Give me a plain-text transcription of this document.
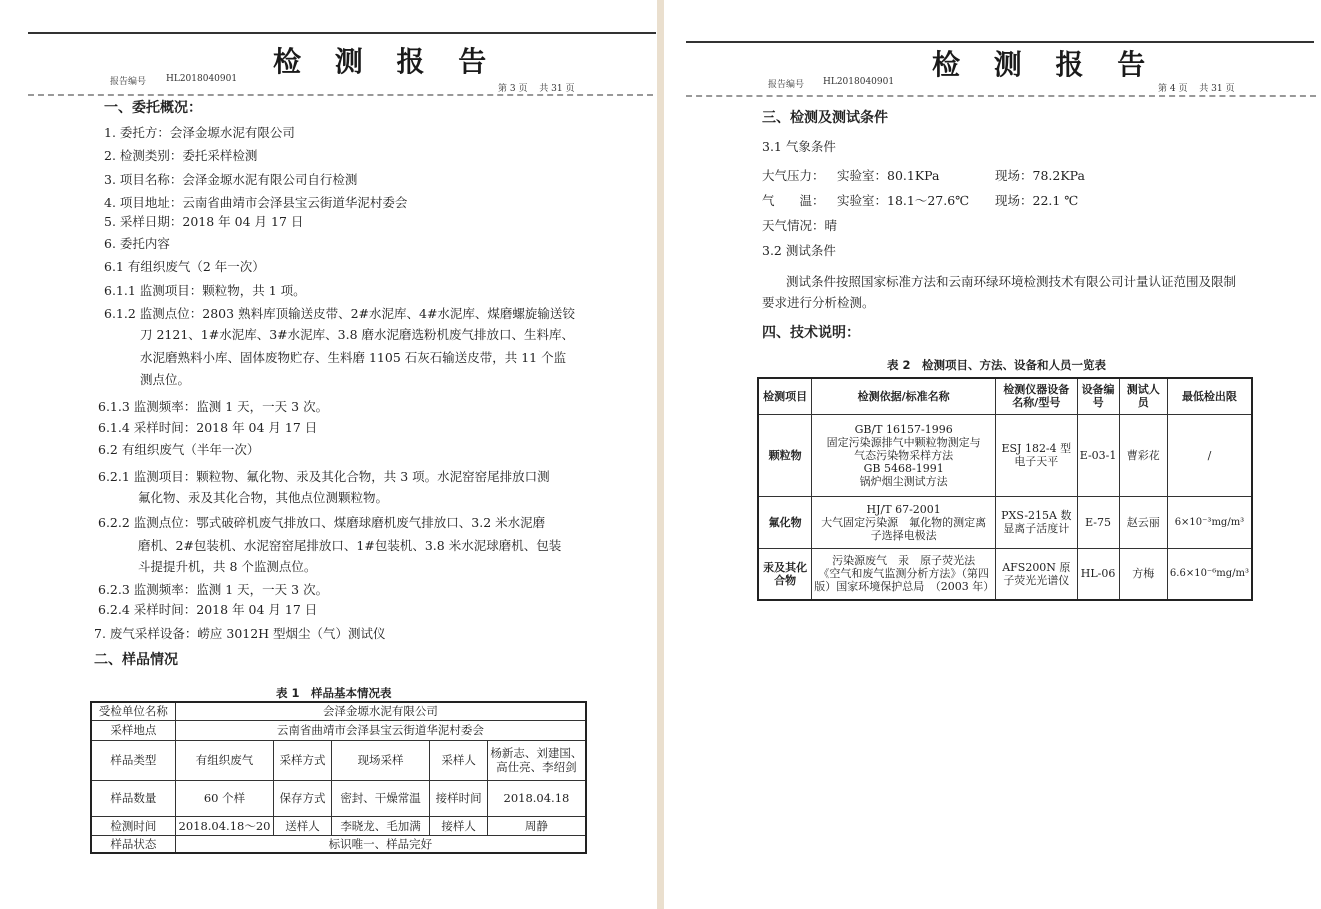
检 测 报 告
报告编号 HL2018040901
第 3 页　 共 31 页
一、委托概况：
1. 委托方：会泽金塬水泥有限公司
2. 检测类别：委托采样检测
3. 项目名称：会泽金塬水泥有限公司自行检测
4. 项目地址：云南省曲靖市会泽县宝云街道华泥村委会
5. 采样日期：2018 年 04 月 17 日
6. 委托内容
6.1 有组织废气（2 年一次）
6.1.1 监测项目：颗粒物，共 1 项。
6.1.2 监测点位：2803 熟料库顶输送皮带、2#水泥库、4#水泥库、煤磨螺旋输送铰
刀 2121、1#水泥库、3#水泥库、3.8 磨水泥磨选粉机废气排放口、生料库、
水泥磨熟料小库、固体废物贮存、生料磨 1105 石灰石输送皮带，共 11 个监
测点位。
6.1.3 监测频率：监测 1 天，一天 3 次。
6.1.4 采样时间：2018 年 04 月 17 日
6.2 有组织废气（半年一次）
6.2.1 监测项目：颗粒物、氟化物、汞及其化合物，共 3 项。水泥窑窑尾排放口测
氟化物、汞及其化合物，其他点位测颗粒物。
6.2.2 监测点位：鄂式破碎机废气排放口、煤磨球磨机废气排放口、3.2 米水泥磨
磨机、2#包装机、水泥窑窑尾排放口、1#包装机、3.8 米水泥球磨机、包装
斗提提升机，共 8 个监测点位。
6.2.3 监测频率：监测 1 天，一天 3 次。
6.2.4 采样时间：2018 年 04 月 17 日
7. 废气采样设备：崂应 3012H 型烟尘（气）测试仪
二、样品情况
表 1　样品基本情况表
受检单位名称	会泽金塬水泥有限公司				
采样地点	云南省曲靖市会泽县宝云街道华泥村委会				
样品类型	有组织废气	采样方式	现场采样	采样人	杨新志、刘建国、高仕亮、李绍剑
样品数量	60 个样	保存方式	密封、干燥常温	接样时间	2018.04.18
检测时间	2018.04.18～20	送样人	李晓龙、毛加满	接样人	周静
样品状态	标识唯一、样品完好				
检 测 报 告
报告编号 HL2018040901
第 4 页　 共 31 页
三、检测及测试条件
3.1 气象条件
大气压力： 实验室：80.1KPa	现场：78.2KPa
气　　温： 实验室：18.1～27.6℃ 现场：22.1 ℃
天气情况：晴
3.2 测试条件
测试条件按照国家标准方法和云南环绿环境检测技术有限公司计量认证范围及限制
要求进行分析检测。
四、技术说明：
表 2　检测项目、方法、设备和人员一览表
检测项目	检测依据/标准名称	检测仪器设备名称/型号	设备编号	测试人员	最低检出限
颗粒物	GB/T 16157-1996
固定污染源排气中颗粒物测定与
气态污染物采样方法
GB 5468-1991
锅炉烟尘测试方法	ESJ 182-4 型电子天平	E-03-1	曹彩花	/
氟化物	HJ/T 67-2001
大气固定污染源　氟化物的测定离
子选择电极法	PXS-215A 数显离子活度计	E-75	赵云丽	6×10⁻³mg/m³
汞及其化合物	污染源废气　汞　原子荧光法
《空气和废气监测分析方法》（第四
版）国家环境保护总局　（2003 年）	AFS200N 原子荧光光谱仪	HL-06	方梅	6.6×10⁻⁶mg/m³
